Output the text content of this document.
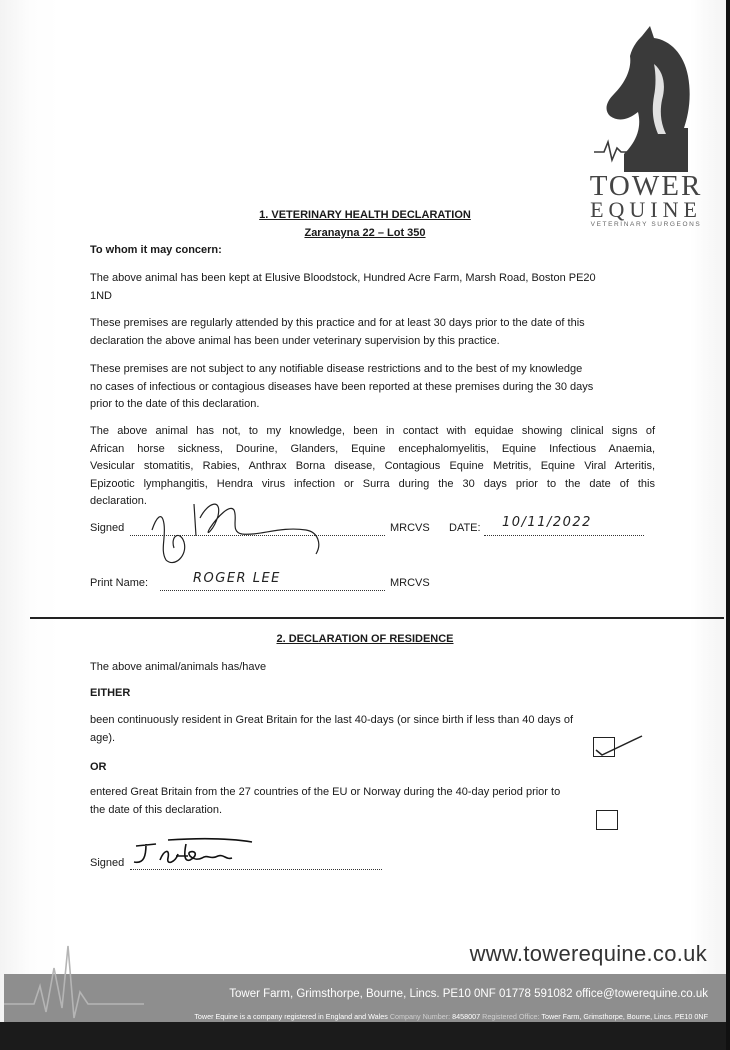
TOWER
EQUINE
VETERINARY SURGEONS
1. VETERINARY HEALTH DECLARATION
Zaranayna 22 – Lot 350
To whom it may concern:
The above animal has been kept at Elusive Bloodstock, Hundred Acre Farm, Marsh Road, Boston PE20
1ND
These premises are regularly attended by this practice and for at least 30 days prior to the date of this
declaration the above animal has been under veterinary supervision by this practice.
These premises are not subject to any notifiable disease restrictions and to the best of my knowledge
no cases of infectious or contagious diseases have been reported at these premises during the 30 days
prior to the date of this declaration.
The above animal has not, to my knowledge, been in contact with equidae showing clinical signs of
African horse sickness, Dourine, Glanders, Equine encephalomyelitis, Equine Infectious Anaemia,
Vesicular stomatitis, Rabies, Anthrax Borna disease, Contagious Equine Metritis, Equine Viral Arteritis,
Epizootic lymphangitis, Hendra virus infection or Surra during the 30 days prior to the date of this
declaration.
Signed	MRCVS DATE: 10/11/2022
Print Name:	ROGER LEE	MRCVS
2. DECLARATION OF RESIDENCE
The above animal/animals has/have
EITHER
been continuously resident in Great Britain for the last 40-days (or since birth if less than 40 days of
age).
OR
entered Great Britain from the 27 countries of the EU or Norway during the 40-day period prior to
the date of this declaration.
Signed
www.towerequine.co.uk
Tower Farm, Grimsthorpe, Bourne, Lincs. PE10 0NF 01778 591082 office@towerequine.co.uk
Tower Equine is a company registered in England and Wales Company Number: 8458007 Registered Office: Tower Farm, Grimsthorpe, Bourne, Lincs. PE10 0NF
